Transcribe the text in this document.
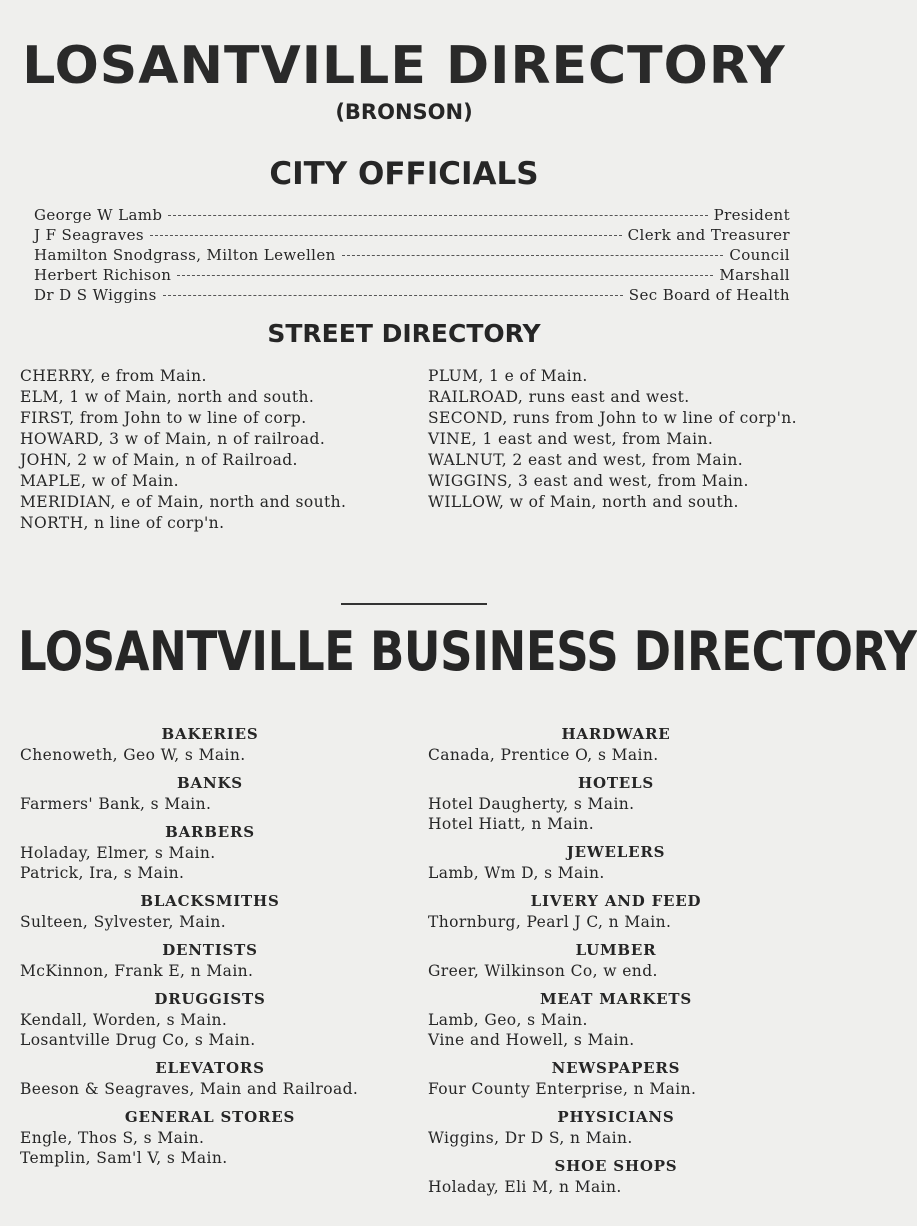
LOSANTVILLE DIRECTORY
(BRONSON)
CITY OFFICIALS
George W Lamb	President
J F Seagraves	Clerk and Treasurer
Hamilton Snodgrass, Milton Lewellen	Council
Herbert Richison	Marshall
Dr D S Wiggins	Sec Board of Health
STREET DIRECTORY
CHERRY, e from Main.
ELM, 1 w of Main, north and south.
FIRST, from John to w line of corp.
HOWARD, 3 w of Main, n of railroad.
JOHN, 2 w of Main, n of Railroad.
MAPLE, w of Main.
MERIDIAN, e of Main, north and south.
NORTH, n line of corp'n.
PLUM, 1 e of Main.
RAILROAD, runs east and west.
SECOND, runs from John to w line of corp'n.
VINE, 1 east and west, from Main.
WALNUT, 2 east and west, from Main.
WIGGINS, 3 east and west, from Main.
WILLOW, w of Main, north and south.
LOSANTVILLE BUSINESS DIRECTORY
BAKERIES
Chenoweth, Geo W, s Main.
BANKS
Farmers' Bank, s Main.
BARBERS
Holaday, Elmer, s Main.
Patrick, Ira, s Main.
BLACKSMITHS
Sulteen, Sylvester, Main.
DENTISTS
McKinnon, Frank E, n Main.
DRUGGISTS
Kendall, Worden, s Main.
Losantville Drug Co, s Main.
ELEVATORS
Beeson & Seagraves, Main and Railroad.
GENERAL STORES
Engle, Thos S, s Main.
Templin, Sam'l V, s Main.
HARDWARE
Canada, Prentice O, s Main.
HOTELS
Hotel Daugherty, s Main.
Hotel Hiatt, n Main.
JEWELERS
Lamb, Wm D, s Main.
LIVERY AND FEED
Thornburg, Pearl J C, n Main.
LUMBER
Greer, Wilkinson Co, w end.
MEAT MARKETS
Lamb, Geo, s Main.
Vine and Howell, s Main.
NEWSPAPERS
Four County Enterprise, n Main.
PHYSICIANS
Wiggins, Dr D S, n Main.
SHOE SHOPS
Holaday, Eli M, n Main.
